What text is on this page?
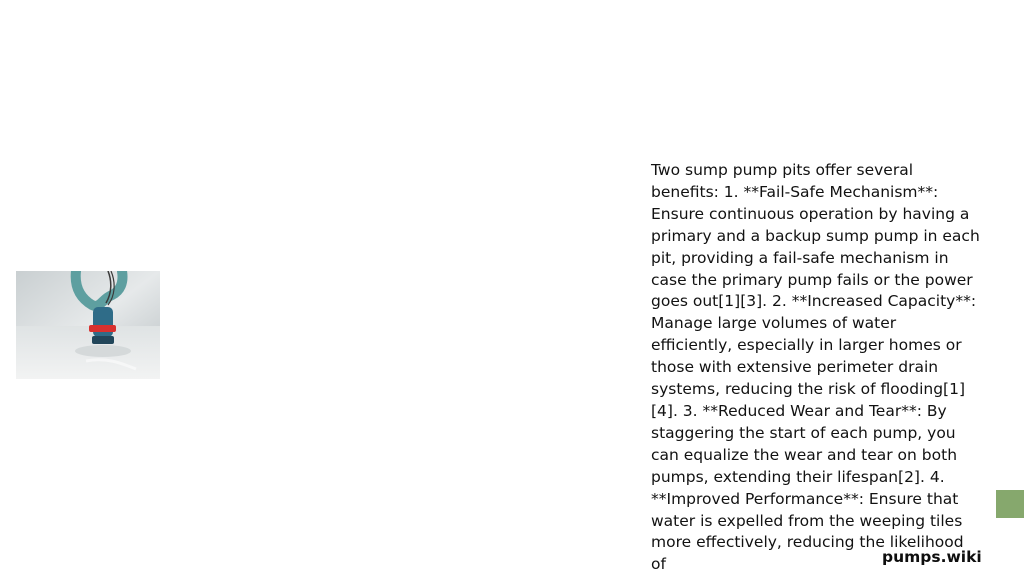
Two sump pump pits offer several benefits: 1. **Fail-Safe Mechanism**: Ensure continuous operation by having a primary and a backup sump pump in each pit, providing a fail-safe mechanism in case the primary pump fails or the power goes out[1][3]. 2. **Increased Capacity**: Manage large volumes of water efficiently, especially in larger homes or those with extensive perimeter drain systems, reducing the risk of flooding[1][4]. 3. **Reduced Wear and Tear**: By staggering the start of each pump, you can equalize the wear and tear on both pumps, extending their lifespan[2]. 4. **Improved Performance**: Ensure that water is expelled from the weeping tiles more effectively, reducing the likelihood of	pumps.wiki
